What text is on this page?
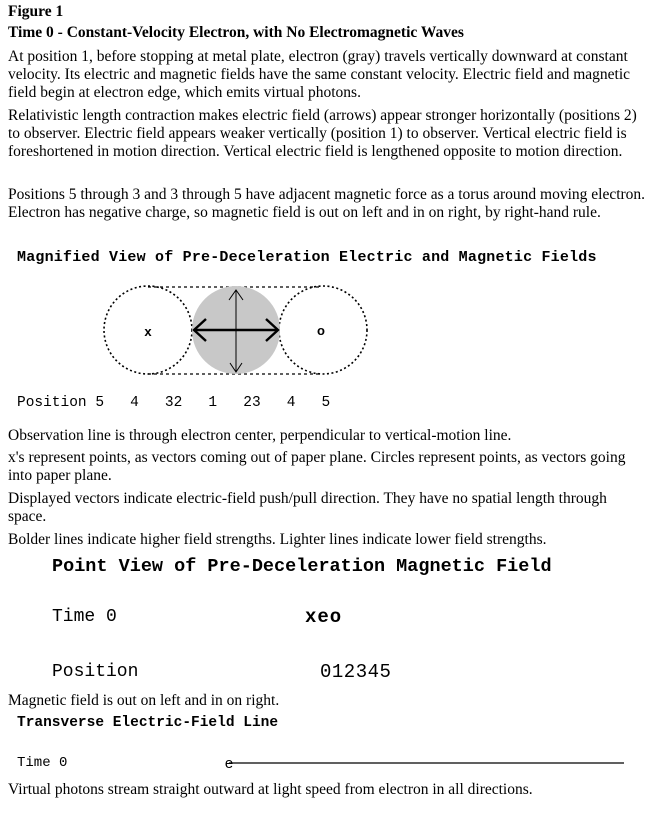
Figure 1
Time 0 - Constant-Velocity Electron, with No Electromagnetic Waves

At position 1, before stopping at metal plate, electron (gray) travels vertically downward at constant velocity. Its electric and magnetic fields have the same constant velocity. Electric field and magnetic field begin at electron edge, which emits virtual photons.

Relativistic length contraction makes electric field (arrows) appear stronger horizontally (positions 2) to observer. Electric field appears weaker vertically (position 1) to observer. Vertical electric field is foreshortened in motion direction. Vertical electric field is lengthened opposite to motion direction.

Positions 5 through 3 and 3 through 5 have adjacent magnetic force as a torus around moving electron. Electron has negative charge, so magnetic field is out on left and in on right, by right-hand rule.

Magnified View of Pre-Deceleration Electric and Magnetic Fields
x	o
e
Position 5   4   32   1   23   4   5

Observation line is through electron center, perpendicular to vertical-motion line.

x's represent points, as vectors coming out of paper plane. Circles represent points, as vectors going into paper plane.

Displayed vectors indicate electric-field push/pull direction. They have no spatial length through space.

Bolder lines indicate higher field strengths. Lighter lines indicate lower field strengths.

Point View of Pre-Deceleration Magnetic Field
Time 0	xeo
Position	012345

Magnetic field is out on left and in on right.

Transverse Electric-Field Line
Time 0

Virtual photons stream straight outward at light speed from electron in all directions.
